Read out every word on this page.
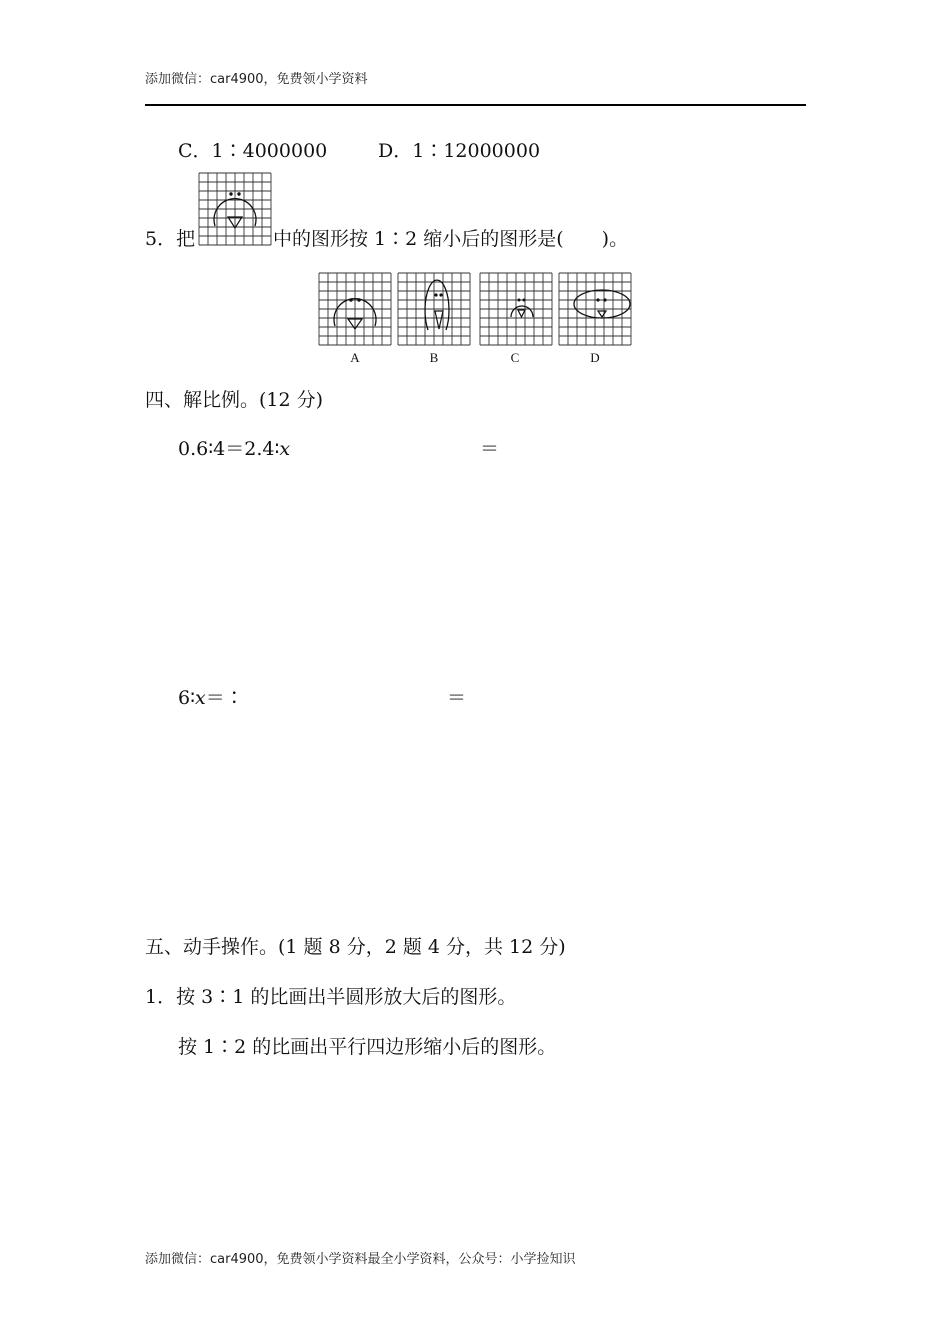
添加微信：car4900，免费领小学资料
C．1∶4000000	D．1∶12000000
5．把	中的图形按 1∶2 缩小后的图形是(　　)。
A	B	C	D
四、解比例。(12 分)
0.6∶4＝2.4∶x	＝
6∶x＝∶	＝
五、动手操作。(1 题 8 分，2 题 4 分，共 12 分)
1．按 3∶1 的比画出半圆形放大后的图形。
按 1∶2 的比画出平行四边形缩小后的图形。
添加微信：car4900，免费领小学资料最全小学资料，公众号：小学捡知识
